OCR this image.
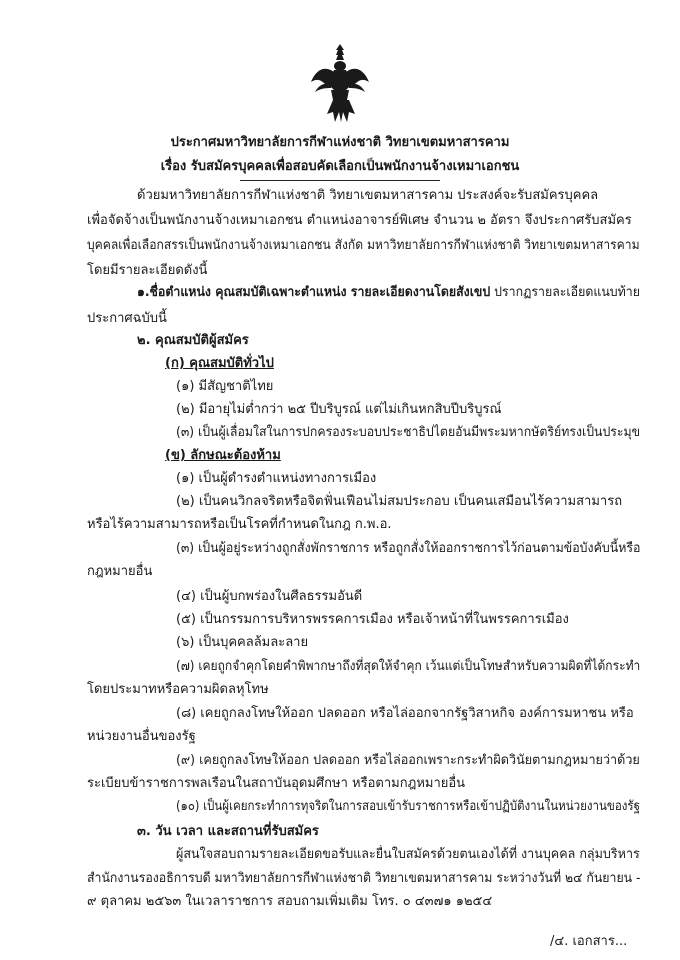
ประกาศมหาวิทยาลัยการกีฬาแห่งชาติ วิทยาเขตมหาสารคาม
เรื่อง รับสมัครบุคคลเพื่อสอบคัดเลือกเป็นพนักงานจ้างเหมาเอกชน
ด้วยมหาวิทยาลัยการกีฬาแห่งชาติ วิทยาเขตมหาสารคาม ประสงค์จะรับสมัครบุคคล
เพื่อจัดจ้างเป็นพนักงานจ้างเหมาเอกชน ตำแหน่งอาจารย์พิเศษ จำนวน ๒ อัตรา จึงประกาศรับสมัคร
บุคคลเพื่อเลือกสรรเป็นพนักงานจ้างเหมาเอกชน สังกัด มหาวิทยาลัยการกีฬาแห่งชาติ วิทยาเขตมหาสารคาม
โดยมีรายละเอียดดังนี้
๑.ชื่อตำแหน่ง คุณสมบัติเฉพาะตำแหน่ง รายละเอียดงานโดยสังเขป ปรากฏรายละเอียดแนบท้าย
ประกาศฉบับนี้
๒. คุณสมบัติผู้สมัคร
(ก) คุณสมบัติทั่วไป
(๑) มีสัญชาติไทย
(๒) มีอายุไม่ต่ำกว่า ๒๕ ปีบริบูรณ์ แต่ไม่เกินหกสิบปีบริบูรณ์
(๓) เป็นผู้เลื่อมใสในการปกครองระบอบประชาธิปไตยอันมีพระมหากษัตริย์ทรงเป็นประมุข
(ข) ลักษณะต้องห้าม
(๑) เป็นผู้ดำรงตำแหน่งทางการเมือง
(๒) เป็นคนวิกลจริตหรือจิตฟั่นเฟือนไม่สมประกอบ เป็นคนเสมือนไร้ความสามารถ
หรือไร้ความสามารถหรือเป็นโรคที่กำหนดในกฎ ก.พ.อ.
(๓) เป็นผู้อยู่ระหว่างถูกสั่งพักราชการ หรือถูกสั่งให้ออกราชการไว้ก่อนตามข้อบังคับนี้หรือ
กฎหมายอื่น
(๔) เป็นผู้บกพร่องในศีลธรรมอันดี
(๕) เป็นกรรมการบริหารพรรคการเมือง หรือเจ้าหน้าที่ในพรรคการเมือง
(๖) เป็นบุคคลล้มละลาย
(๗) เคยถูกจำคุกโดยคำพิพากษาถึงที่สุดให้จำคุก เว้นแต่เป็นโทษสำหรับความผิดที่ได้กระทำ
โดยประมาทหรือความผิดลหุโทษ
(๘) เคยถูกลงโทษให้ออก ปลดออก หรือไล่ออกจากรัฐวิสาหกิจ องค์การมหาชน หรือ
หน่วยงานอื่นของรัฐ
(๙) เคยถูกลงโทษให้ออก ปลดออก หรือไล่ออกเพราะกระทำผิดวินัยตามกฎหมายว่าด้วย
ระเบียบข้าราชการพลเรือนในสถาบันอุดมศึกษา หรือตามกฎหมายอื่น
(๑๐) เป็นผู้เคยกระทำการทุจริตในการสอบเข้ารับราชการหรือเข้าปฏิบัติงานในหน่วยงานของรัฐ
๓. วัน เวลา และสถานที่รับสมัคร
ผู้สนใจสอบถามรายละเอียดขอรับและยื่นใบสมัครด้วยตนเองได้ที่ งานบุคคล กลุ่มบริหาร
สำนักงานรองอธิการบดี มหาวิทยาลัยการกีฬาแห่งชาติ วิทยาเขตมหาสารคาม ระหว่างวันที่ ๒๔ กันยายน -
๙ ตุลาคม ๒๕๖๓ ในเวลาราชการ สอบถามเพิ่มเติม โทร. ๐ ๔๓๗๑ ๑๒๕๔
/๔. เอกสาร...
